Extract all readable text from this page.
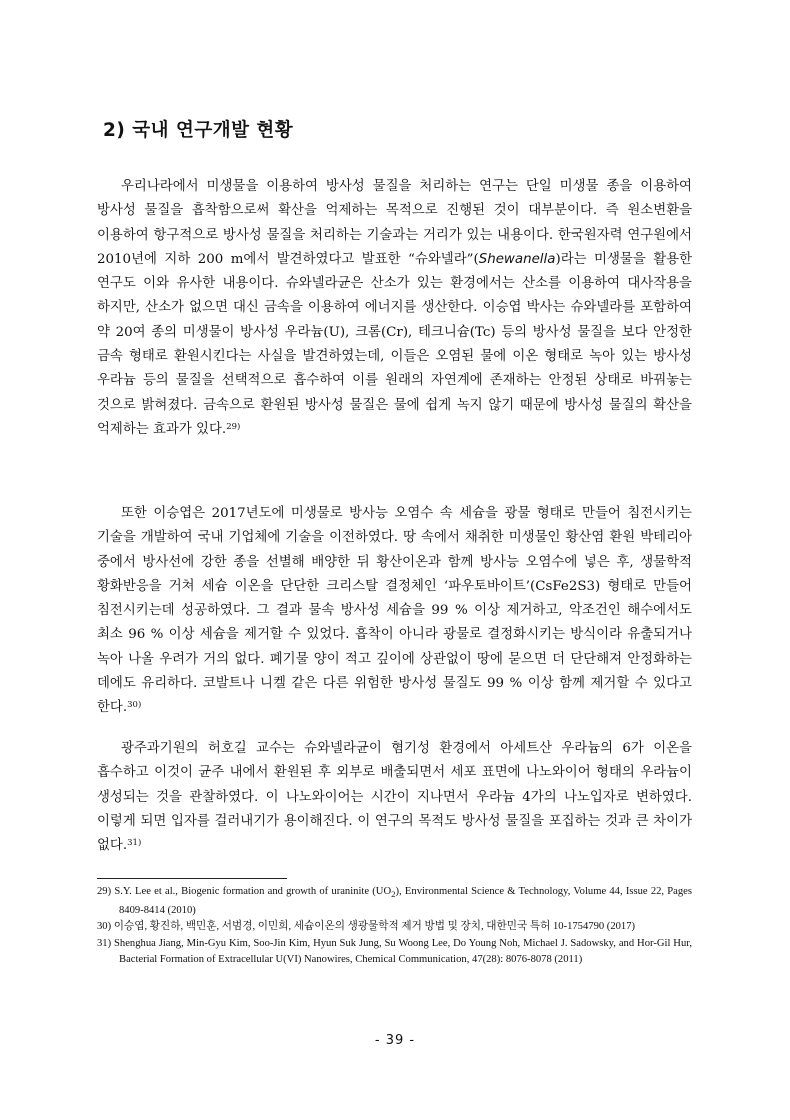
2) 국내 연구개발 현황

우리나라에서 미생물을 이용하여 방사성 물질을 처리하는 연구는 단일 미생물 종을 이용하여 방사성 물질을 흡착함으로써 확산을 억제하는 목적으로 진행된 것이 대부분이다. 즉 원소변환을 이용하여 항구적으로 방사성 물질을 처리하는 기술과는 거리가 있는 내용이다. 한국원자력 연구원에서 2010년에 지하 200 m에서 발견하였다고 발표한 “슈와넬라”(Shewanella)라는 미생물을 활용한 연구도 이와 유사한 내용이다. 슈와넬라균은 산소가 있는 환경에서는 산소를 이용하여 대사작용을 하지만, 산소가 없으면 대신 금속을 이용하여 에너지를 생산한다. 이승엽 박사는 슈와넬라를 포함하여 약 20여 종의 미생물이 방사성 우라늄(U), 크롬(Cr), 테크니슘(Tc) 등의 방사성 물질을 보다 안정한 금속 형태로 환원시킨다는 사실을 발견하였는데, 이들은 오염된 물에 이온 형태로 녹아 있는 방사성 우라늄 등의 물질을 선택적으로 흡수하여 이를 원래의 자연계에 존재하는 안정된 상태로 바꿔놓는 것으로 밝혀졌다. 금속으로 환원된 방사성 물질은 물에 쉽게 녹지 않기 때문에 방사성 물질의 확산을 억제하는 효과가 있다.$^{29)}$

또한 이승엽은 2017년도에 미생물로 방사능 오염수 속 세슘을 광물 형태로 만들어 침전시키는 기술을 개발하여 국내 기업체에 기술을 이전하였다. 땅 속에서 채취한 미생물인 황산염 환원 박테리아 중에서 방사선에 강한 종을 선별해 배양한 뒤 황산이온과 함께 방사능 오염수에 넣은 후, 생물학적 황화반응을 거쳐 세슘 이온을 단단한 크리스탈 결정체인 ‘파우토바이트’(CsFe2S3) 형태로 만들어 침전시키는데 성공하였다. 그 결과 물속 방사성 세슘을 99 % 이상 제거하고, 악조건인 해수에서도 최소 96 % 이상 세슘을 제거할 수 있었다. 흡착이 아니라 광물로 결정화시키는 방식이라 유출되거나 녹아 나올 우려가 거의 없다. 폐기물 양이 적고 깊이에 상관없이 땅에 묻으면 더 단단해져 안정화하는 데에도 유리하다. 코발트나 니켈 같은 다른 위험한 방사성 물질도 99 % 이상 함께 제거할 수 있다고 한다.$^{30)}$

광주과기원의 허호길 교수는 슈와넬라균이 혐기성 환경에서 아세트산 우라늄의 6가 이온을 흡수하고 이것이 균주 내에서 환원된 후 외부로 배출되면서 세포 표면에 나노와이어 형태의 우라늄이 생성되는 것을 관찰하였다. 이 나노와이어는 시간이 지나면서 우라늄 4가의 나노입자로 변하였다. 이렇게 되면 입자를 걸러내기가 용이해진다. 이 연구의 목적도 방사성 물질을 포집하는 것과 큰 차이가 없다.$^{31)}$

29) S.Y. Lee et al., Biogenic formation and growth of uraninite $(UO_2)$, Environmental Science & Technology, Volume 44, Issue 22, Pages 8409-8414 (2010)

30) 이승엽, 황진하, 백민훈, 서범경, 이민희, 세슘이온의 생광물학적 제거 방법 및 장치, 대한민국 특허 10-1754790 (2017)

31) Shenghua Jiang, Min-Gyu Kim, Soo-Jin Kim, Hyun Suk Jung, Su Woong Lee, Do Young Noh, Michael J. Sadowsky, and Hor-Gil Hur, Bacterial Formation of Extracellular U(VI) Nanowires, Chemical Communication, 47(28): 8076-8078 (2011)

- 39 -
